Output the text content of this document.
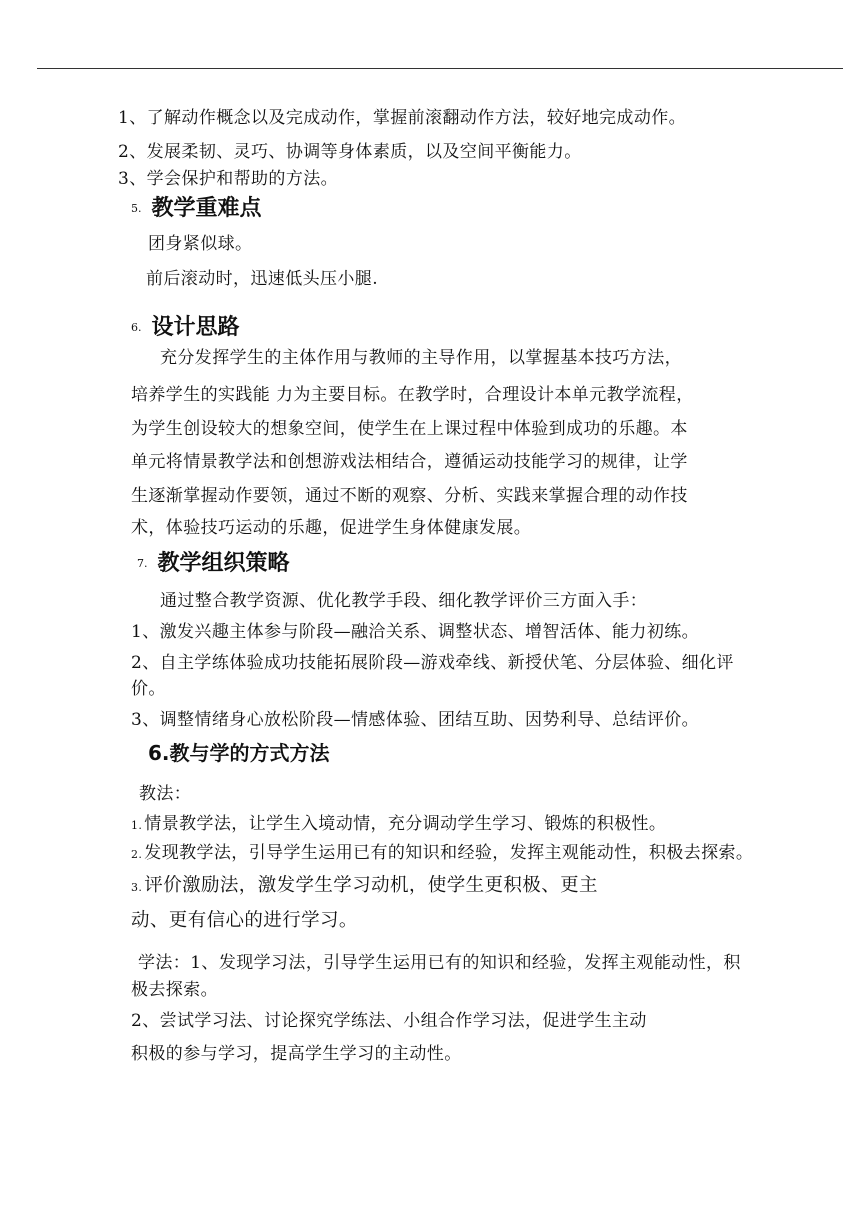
1、了解动作概念以及完成动作，掌握前滚翻动作方法，较好地完成动作。
2、发展柔韧、灵巧、协调等身体素质，以及空间平衡能力。
3、学会保护和帮助的方法。
5. 教学重难点
团身紧似球。
前后滚动时，迅速低头压小腿.
6. 设计思路
充分发挥学生的主体作用与教师的主导作用，以掌握基本技巧方法，
培养学生的实践能 力为主要目标。在教学时，合理设计本单元教学流程，
为学生创设较大的想象空间，使学生在上课过程中体验到成功的乐趣。本
单元将情景教学法和创想游戏法相结合，遵循运动技能学习的规律，让学
生逐渐掌握动作要领，通过不断的观察、分析、实践来掌握合理的动作技
术，体验技巧运动的乐趣，促进学生身体健康发展。
7. 教学组织策略
通过整合教学资源、优化教学手段、细化教学评价三方面入手：
1、激发兴趣主体参与阶段—融洽关系、调整状态、增智活体、能力初练。
2、自主学练体验成功技能拓展阶段—游戏牵线、新授伏笔、分层体验、细化评
价。
3、调整情绪身心放松阶段—情感体验、团结互助、因势利导、总结评价。
6.教与学的方式方法
教法：
1. 情景教学法，让学生入境动情，充分调动学生学习、锻炼的积极性。
2. 发现教学法，引导学生运用已有的知识和经验，发挥主观能动性，积极去探索。
3. 评价激励法，激发学生学习动机，使学生更积极、更主
动、更有信心的进行学习。
学法：1、发现学习法，引导学生运用已有的知识和经验，发挥主观能动性，积
极去探索。
2、尝试学习法、讨论探究学练法、小组合作学习法，促进学生主动
积极的参与学习，提高学生学习的主动性。
